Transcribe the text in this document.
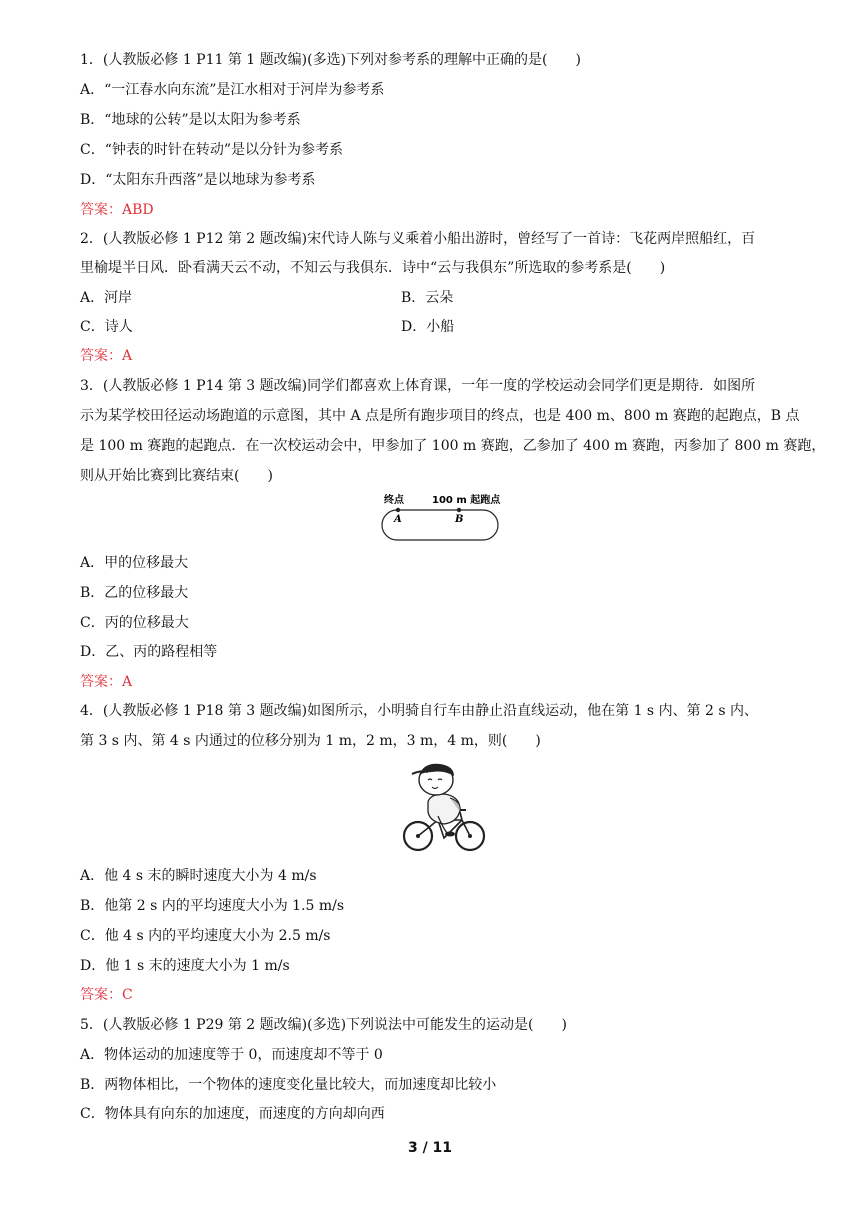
1．(人教版必修 1 P11 第 1 题改编)(多选)下列对参考系的理解中正确的是(　　)
A．“一江春水向东流”是江水相对于河岸为参考系
B．“地球的公转”是以太阳为参考系
C．“钟表的时针在转动”是以分针为参考系
D．“太阳东升西落”是以地球为参考系
答案：ABD
2．(人教版必修 1 P12 第 2 题改编)宋代诗人陈与义乘着小船出游时，曾经写了一首诗：飞花两岸照船红，百
里榆堤半日风．卧看满天云不动，不知云与我俱东．诗中“云与我俱东”所选取的参考系是(　　)
A．河岸	B．云朵
C．诗人	D．小船
答案：A
3．(人教版必修 1 P14 第 3 题改编)同学们都喜欢上体育课，一年一度的学校运动会同学们更是期待．如图所
示为某学校田径运动场跑道的示意图，其中 A 点是所有跑步项目的终点，也是 400 m、800 m 赛跑的起跑点，B 点
是 100 m 赛跑的起跑点．在一次校运动会中，甲参加了 100 m 赛跑，乙参加了 400 m 赛跑，丙参加了 800 m 赛跑，
则从开始比赛到比赛结束(　　)
终点	100 m 起跑点
A	B
A．甲的位移最大
B．乙的位移最大
C．丙的位移最大
D．乙、丙的路程相等
答案：A
4．(人教版必修 1 P18 第 3 题改编)如图所示，小明骑自行车由静止沿直线运动，他在第 1 s 内、第 2 s 内、
第 3 s 内、第 4 s 内通过的位移分别为 1 m，2 m，3 m，4 m，则(　　)
A．他 4 s 末的瞬时速度大小为 4 m/s
B．他第 2 s 内的平均速度大小为 1.5 m/s
C．他 4 s 内的平均速度大小为 2.5 m/s
D．他 1 s 末的速度大小为 1 m/s
答案：C
5．(人教版必修 1 P29 第 2 题改编)(多选)下列说法中可能发生的运动是(　　)
A．物体运动的加速度等于 0，而速度却不等于 0
B．两物体相比，一个物体的速度变化量比较大，而加速度却比较小
C．物体具有向东的加速度，而速度的方向却向西
3 / 11
